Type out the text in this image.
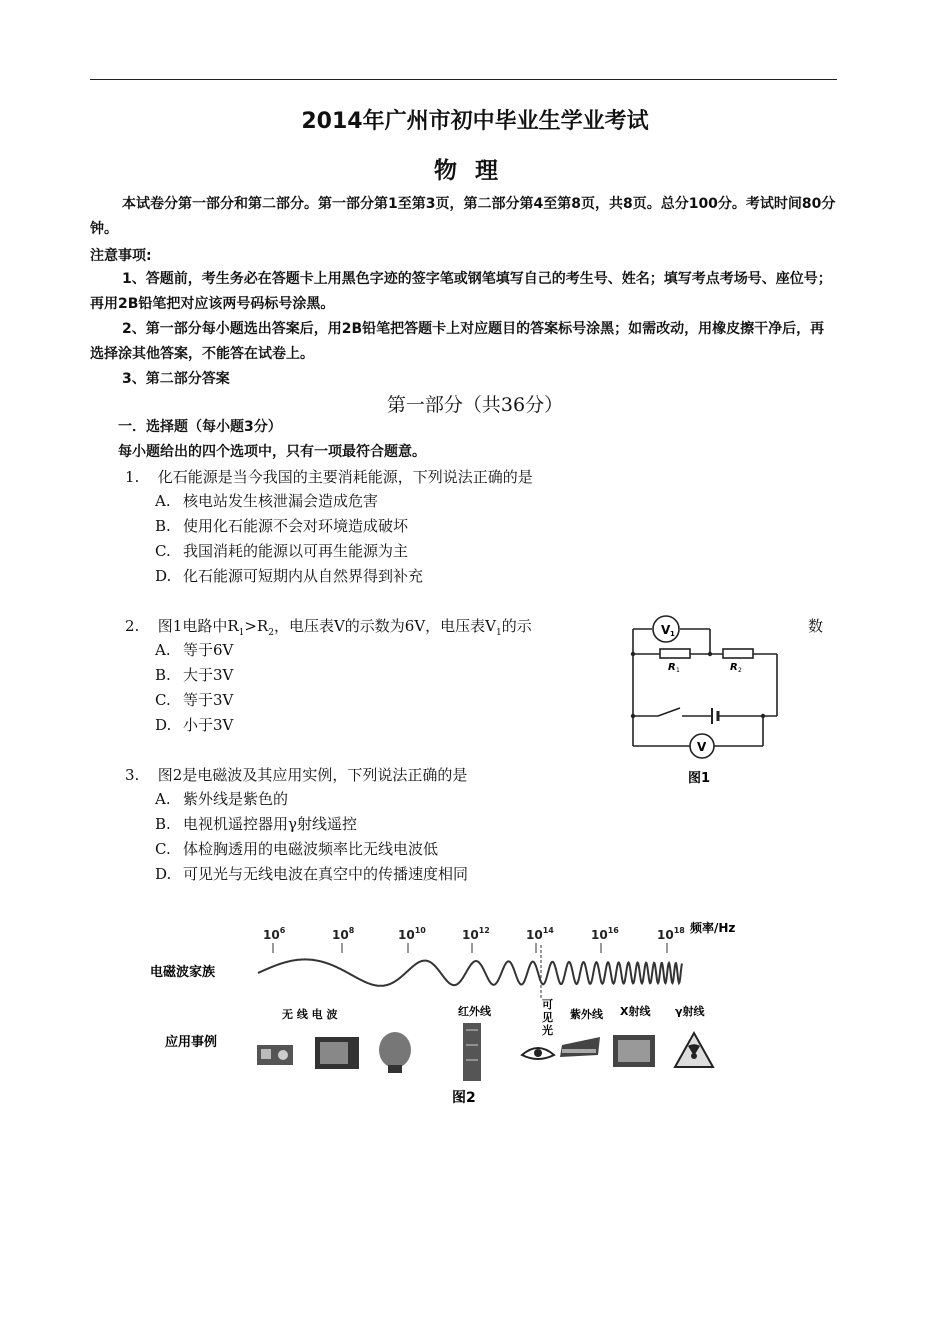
2014年广州市初中毕业生学业考试
物理
本试卷分第一部分和第二部分。第一部分第1至第3页，第二部分第4至第8页，共8页。总分100分。考试时间80分钟。
注意事项:
1、答题前，考生务必在答题卡上用黑色字迹的签字笔或钢笔填写自己的考生号、姓名；填写考点考场号、座位号；再用2B铅笔把对应该两号码标号涂黑。
2、第一部分每小题选出答案后，用2B铅笔把答题卡上对应题目的答案标号涂黑；如需改动，用橡皮擦干净后，再选择涂其他答案，不能答在试卷上。
3、第二部分答案
第一部分（共36分）
一．选择题（每小题3分）
每小题给出的四个选项中，只有一项最符合题意。
1. 化石能源是当今我国的主要消耗能源，下列说法正确的是
A. 核电站发生核泄漏会造成危害
B. 使用化石能源不会对环境造成破坏
C. 我国消耗的能源以可再生能源为主
D. 化石能源可短期内从自然界得到补充
2. 图1电路中$R_1>R_2$，电压表V的示数为6V，电压表$V_1$的示	数
A. 等于6V
B. 大于3V
C. 等于3V
D. 小于3V
V 1
V
R 1	R 2
图1
3. 图2是电磁波及其应用实例，下列说法正确的是
A. 紫外线是紫色的
B. 电视机遥控器用γ射线遥控
C. 体检胸透用的电磁波频率比无线电波低
D. 可见光与无线电波在真空中的传播速度相同
$10^6$	$10^8$	$10^{10}$	$10^{12}$	$10^{14}$	$10^{16}$	$10^{18}$ 频率/Hz
电磁波家族
应用事例
无 线 电 波	红外线
可见光
紫外线 X射线 γ射线
图2
